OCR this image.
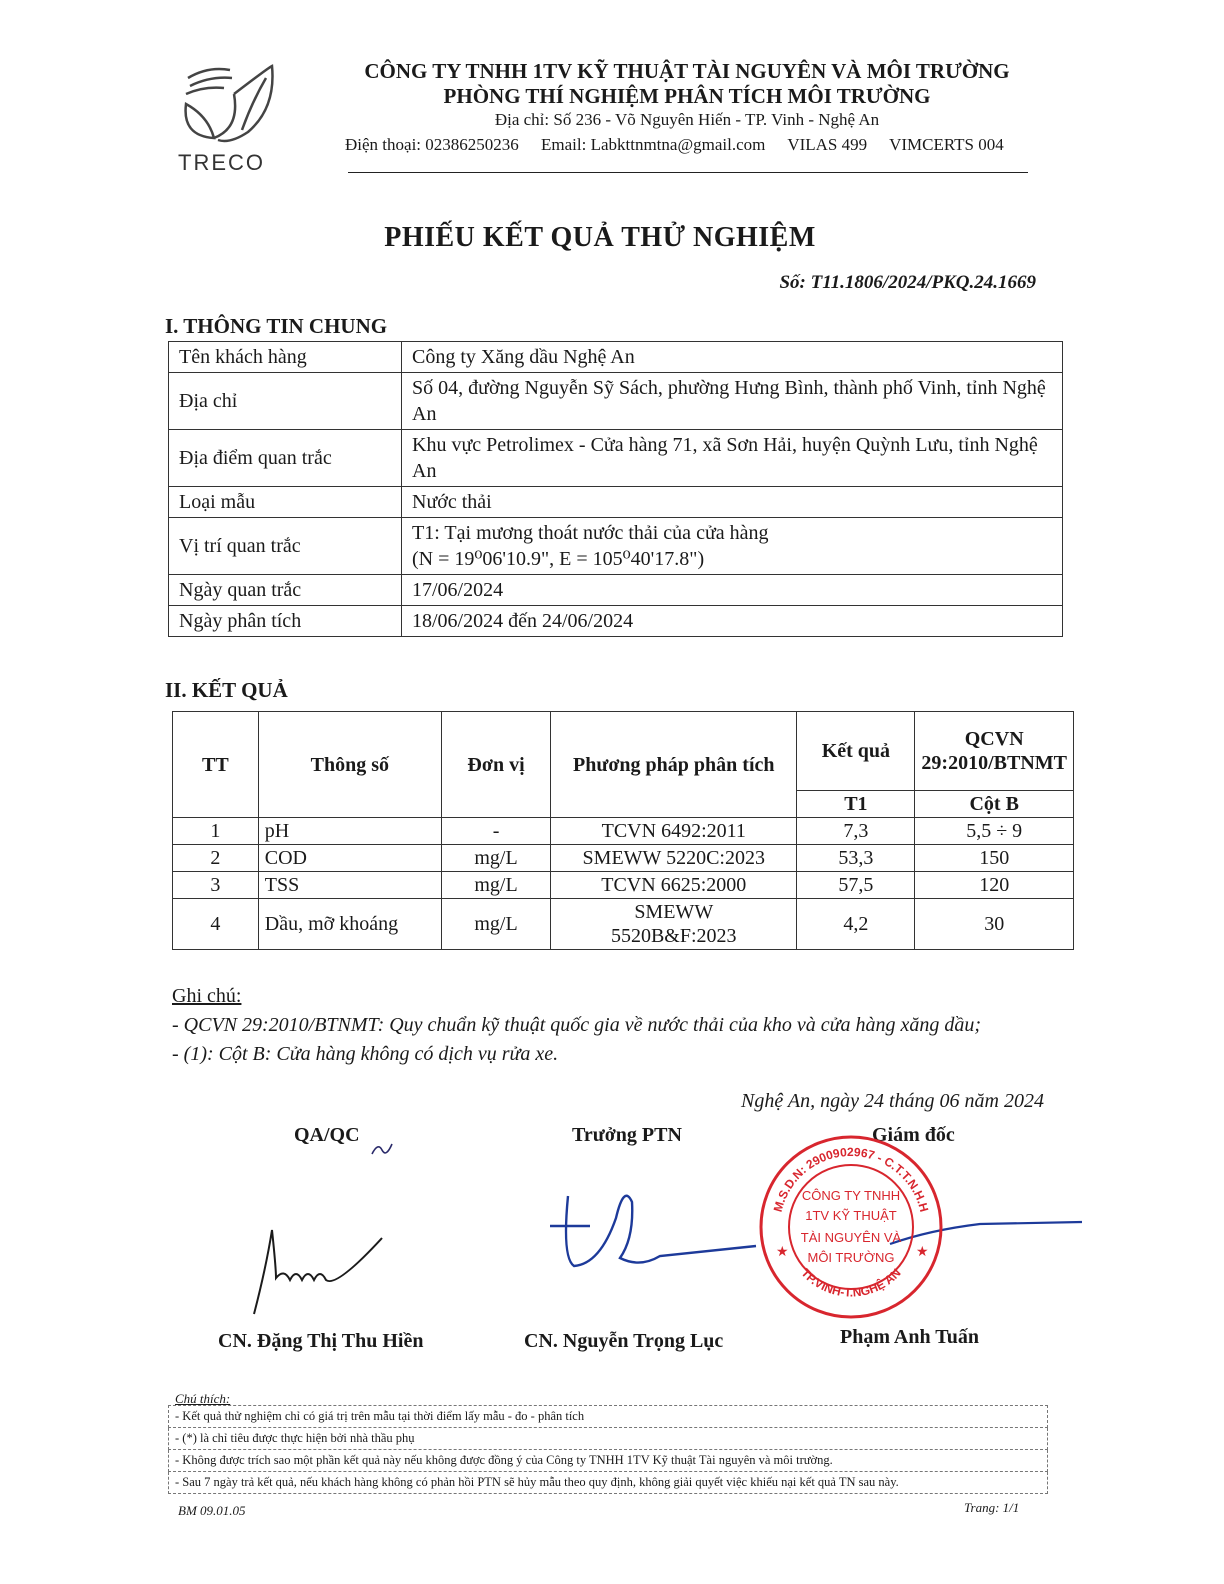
TRECO
CÔNG TY TNHH 1TV KỸ THUẬT TÀI NGUYÊN VÀ MÔI TRƯỜNG
PHÒNG THÍ NGHIỆM PHÂN TÍCH MÔI TRƯỜNG
Địa chỉ: Số 236 - Võ Nguyên Hiến - TP. Vinh - Nghệ An
Điện thoại: 02386250236 Email: Labkttnmtna@gmail.com VILAS 499 VIMCERTS 004
PHIẾU KẾT QUẢ THỬ NGHIỆM
Số: T11.1806/2024/PKQ.24.1669
I. THÔNG TIN CHUNG
Tên khách hàng	Công ty Xăng dầu Nghệ An
Địa chỉ	Số 04, đường Nguyễn Sỹ Sách, phường Hưng Bình, thành phố Vinh, tỉnh Nghệ An
Địa điểm quan trắc	Khu vực Petrolimex - Cửa hàng 71, xã Sơn Hải, huyện Quỳnh Lưu, tỉnh Nghệ An
Loại mẫu	Nước thải
Vị trí quan trắc	T1: Tại mương thoát nước thải của cửa hàng
(N = 19⁰06'10.9", E = 105⁰40'17.8")

Ngày quan trắc	17/06/2024
Ngày phân tích	18/06/2024 đến 24/06/2024
II. KẾT QUẢ
TT	Thông số	Đơn vị	Phương pháp phân tích	Kết quả	QCVN 29:2010/BTNMT
				T1	Cột B
1	pH	-	TCVN 6492:2011	7,3	5,5 ÷ 9
2	COD	mg/L	SMEWW 5220C:2023	53,3	150
3	TSS	mg/L	TCVN 6625:2000	57,5	120
4	Dầu, mỡ khoáng	mg/L	SMEWW 5520B&F:2023	4,2	30
Ghi chú:
- QCVN 29:2010/BTNMT: Quy chuẩn kỹ thuật quốc gia về nước thải của kho và cửa hàng xăng dầu;
- (1): Cột B: Cửa hàng không có dịch vụ rửa xe.
Nghệ An, ngày 24 tháng 06 năm 2024
QA/QC	Trưởng PTN	Giám đốc
M.S.D.N: 2900902967 - C.T.T.N.H.H
TP.VINH-T.NGHỆ AN
CÔNG TY TNHH
1TV KỸ THUẬT
TÀI NGUYÊN VÀ
MÔI TRƯỜNG
★	★
CN. Đặng Thị Thu Hiền	CN. Nguyễn Trọng Lục	Phạm Anh Tuấn
Chú thích:
- Kết quả thử nghiệm chỉ có giá trị trên mẫu tại thời điểm lấy mẫu - đo - phân tích
- (*) là chỉ tiêu được thực hiện bởi nhà thầu phụ
- Không được trích sao một phần kết quả này nếu không được đồng ý của Công ty TNHH 1TV Kỹ thuật Tài nguyên và môi trường.
- Sau 7 ngày trả kết quả, nếu khách hàng không có phản hồi PTN sẽ hủy mẫu theo quy định, không giải quyết việc khiếu nại kết quả TN sau này.
BM 09.01.05	Trang: 1/1
